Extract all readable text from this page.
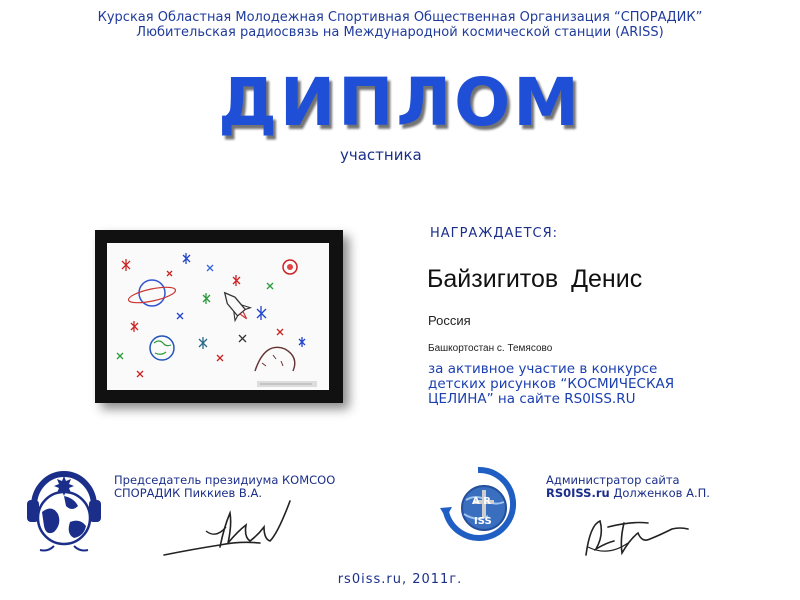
Курская Областная Молодежная Спортивная Общественная Организация “СПОРАДИК”
Любительская радиосвязь на Международной космической станции (ARISS)
ДИПЛОМ
участника
НАГРАЖДАЕТСЯ:
Байзигитов Денис
Россия
Башкортостан с. Темясово
за активное участие в конкурсе
детских рисунков “КОСМИЧЕСКАЯ
ЦЕЛИНА” на сайте RS0ISS.RU
Председатель президиума КОМСОО
СПОРАДИК Пиккиев В.А.
A R
ISS
Администратор сайта
RS0ISS.ru Долженков А.П.
rs0iss.ru, 2011г.
